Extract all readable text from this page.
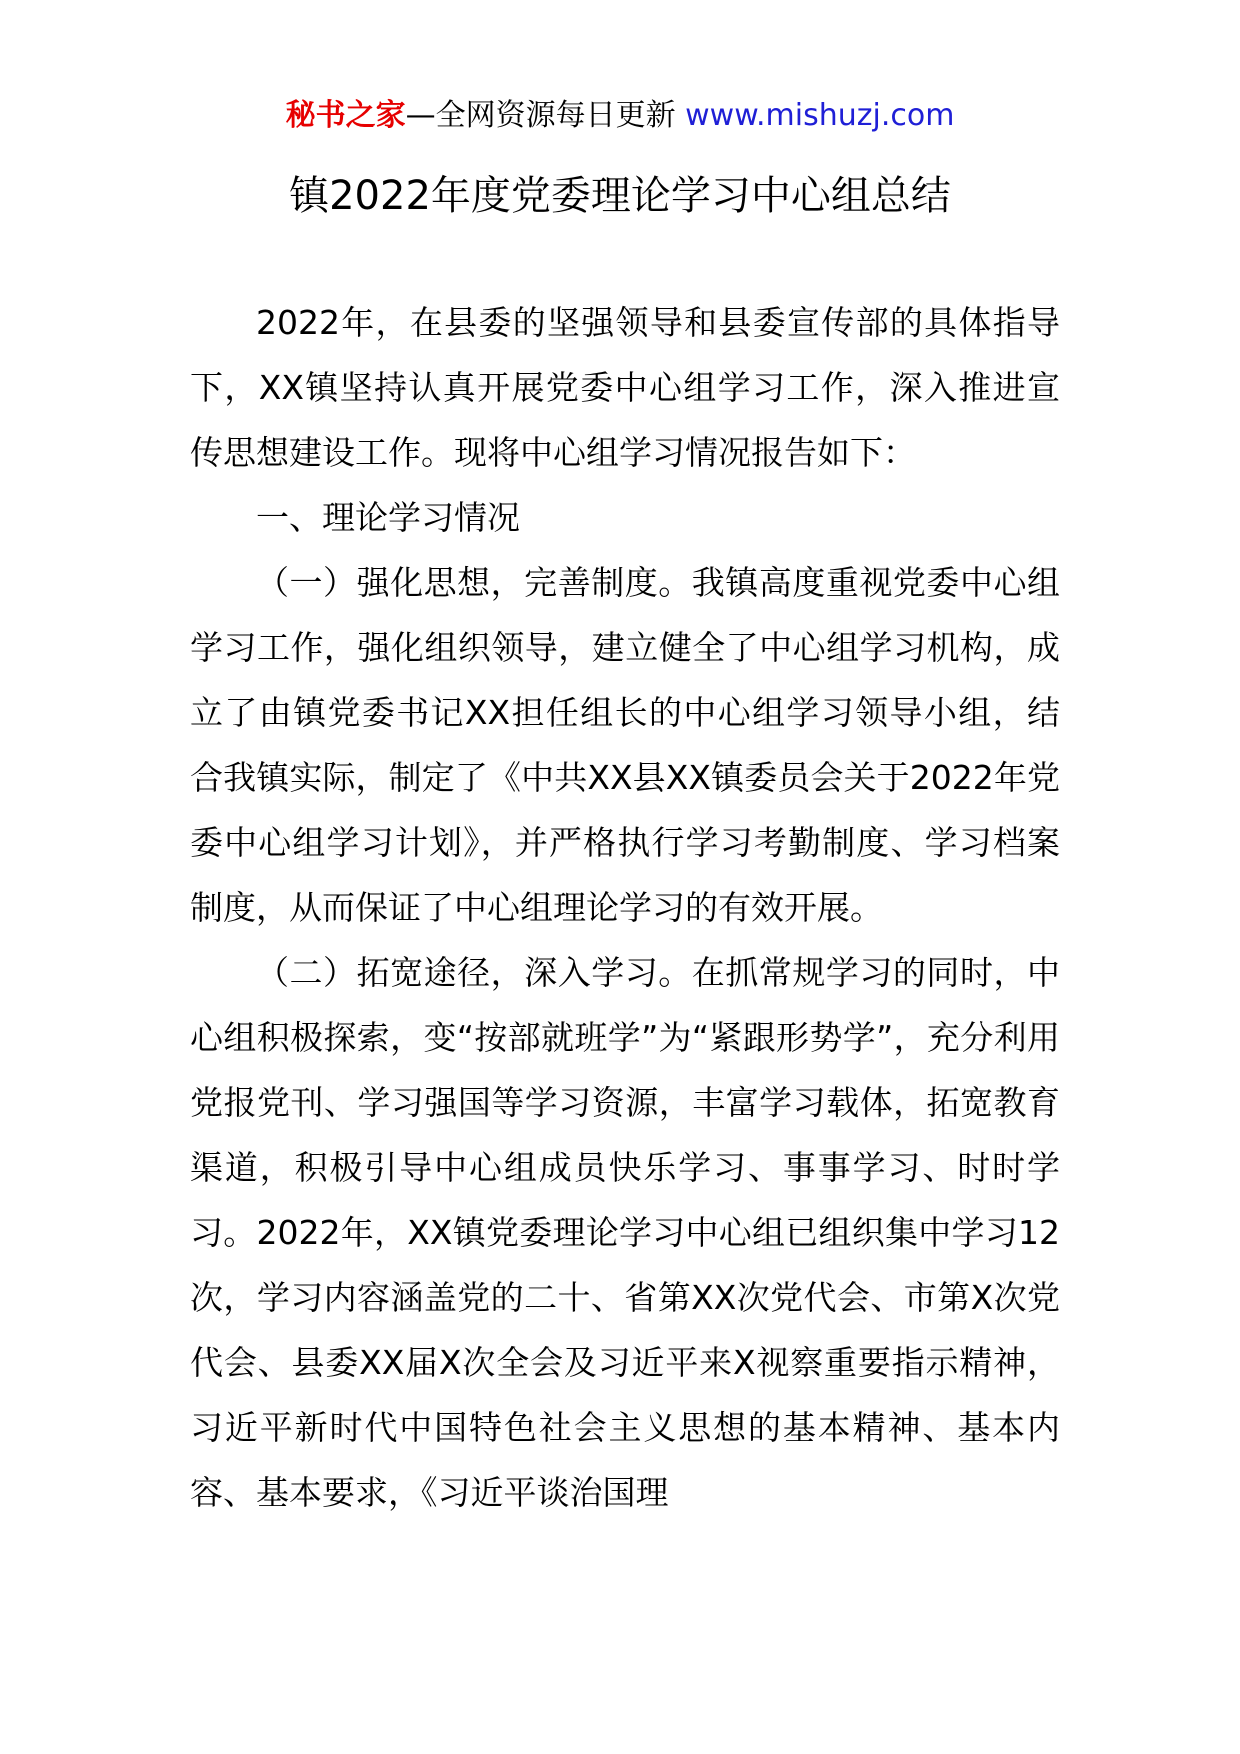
秘书之家—全网资源每日更新 www.mishuzj.com
镇2022年度党委理论学习中心组总结

2022年，在县委的坚强领导和县委宣传部的具体指导下，XX镇坚持认真开展党委中心组学习工作，深入推进宣传思想建设工作。现将中心组学习情况报告如下：

一、理论学习情况

（一）强化思想，完善制度。我镇高度重视党委中心组学习工作，强化组织领导，建立健全了中心组学习机构，成立了由镇党委书记XX担任组长的中心组学习领导小组，结合我镇实际，制定了《中共XX县XX镇委员会关于2022年党委中心组学习计划》，并严格执行学习考勤制度、学习档案制度，从而保证了中心组理论学习的有效开展。

（二）拓宽途径，深入学习。在抓常规学习的同时，中心组积极探索，变“按部就班学”为“紧跟形势学”，充分利用党报党刊、学习强国等学习资源，丰富学习载体，拓宽教育渠道，积极引导中心组成员快乐学习、事事学习、时时学习。2022年，XX镇党委理论学习中心组已组织集中学习12次，学习内容涵盖党的二十、省第XX次党代会、市第X次党代会、县委XX届X次全会及习近平来X视察重要指示精神，习近平新时代中国特色社会主义思想的基本精神、基本内容、基本要求，《习近平谈治国理
